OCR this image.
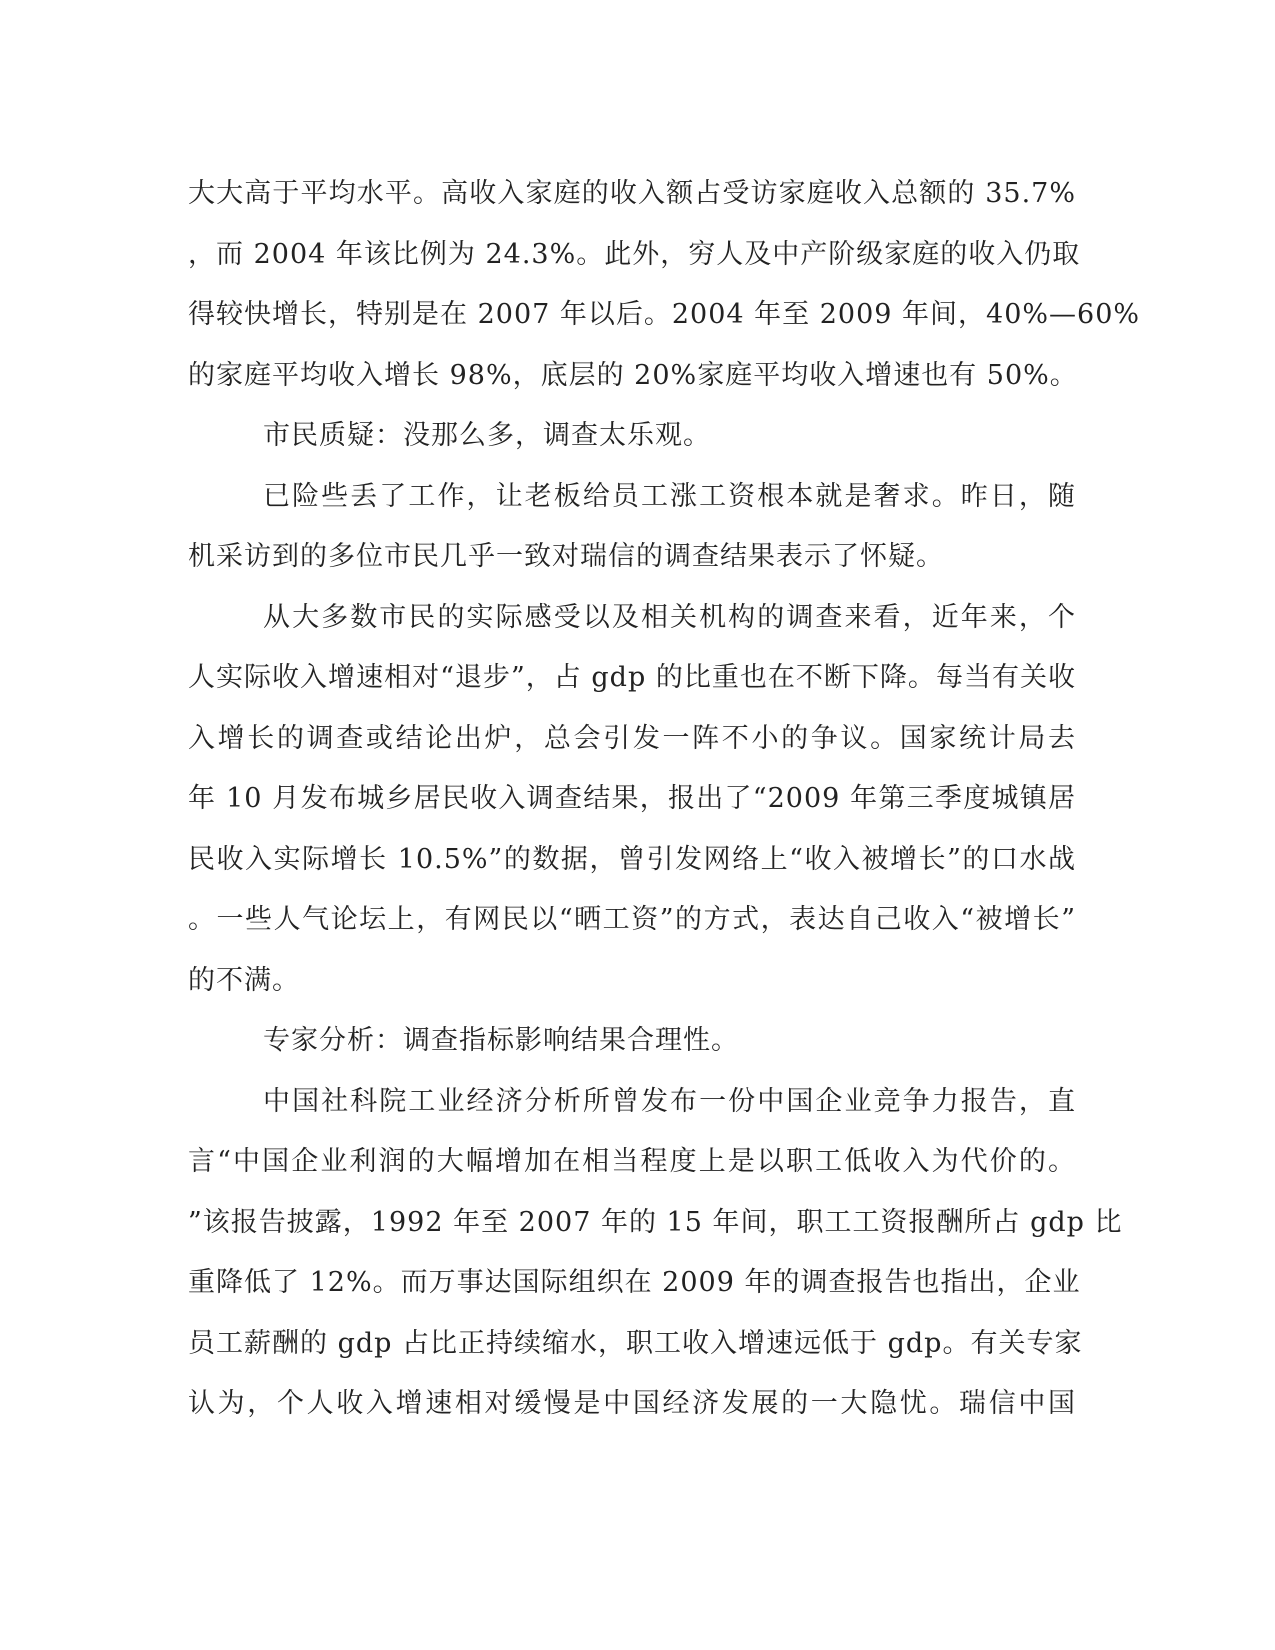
大大高于平均水平。高收入家庭的收入额占受访家庭收入总额的 35.7%
，而 2004 年该比例为 24.3%。此外，穷人及中产阶级家庭的收入仍取
得较快增长，特别是在 2007 年以后。2004 年至 2009 年间，40%—60%
的家庭平均收入增长 98%，底层的 20%家庭平均收入增速也有 50%。
市民质疑：没那么多，调查太乐观。
已险些丢了工作，让老板给员工涨工资根本就是奢求。昨日，随
机采访到的多位市民几乎一致对瑞信的调查结果表示了怀疑。
从大多数市民的实际感受以及相关机构的调查来看，近年来，个
人实际收入增速相对“退步”，占 gdp 的比重也在不断下降。每当有关收
入增长的调查或结论出炉，总会引发一阵不小的争议。国家统计局去
年 10 月发布城乡居民收入调查结果，报出了“2009 年第三季度城镇居
民收入实际增长 10.5%”的数据，曾引发网络上“收入被增长”的口水战
。一些人气论坛上，有网民以“晒工资”的方式，表达自己收入“被增长”
的不满。
专家分析：调查指标影响结果合理性。
中国社科院工业经济分析所曾发布一份中国企业竞争力报告，直
言“中国企业利润的大幅增加在相当程度上是以职工低收入为代价的。
”该报告披露，1992 年至 2007 年的 15 年间，职工工资报酬所占 gdp 比
重降低了 12%。而万事达国际组织在 2009 年的调查报告也指出，企业
员工薪酬的 gdp 占比正持续缩水，职工收入增速远低于 gdp。有关专家
认为，个人收入增速相对缓慢是中国经济发展的一大隐忧。瑞信中国
